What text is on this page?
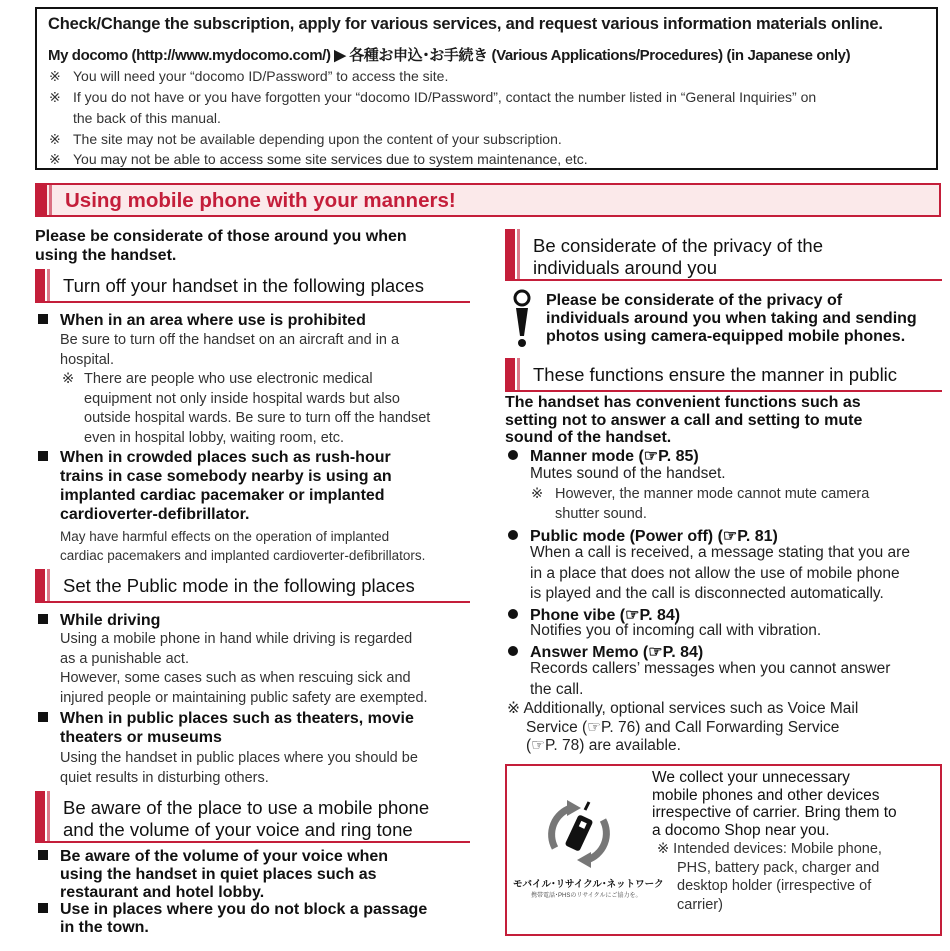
Check/Change the subscription, apply for various services, and request various information materials online.
My docomo (http://www.mydocomo.com/) ▶ 各種お申込･お手続き (Various Applications/Procedures) (in Japanese only)
※ You will need your “docomo ID/Password” to access the site.
※ If you do not have or you have forgotten your “docomo ID/Password”, contact the number listed in “General Inquiries” on
the back of this manual.
※ The site may not be available depending upon the content of your subscription.
※ You may not be able to access some site services due to system maintenance, etc.
Using mobile phone with your manners!
Please be considerate of those around you when
using the handset.
Turn off your handset in the following places
When in an area where use is prohibited
Be sure to turn off the handset on an aircraft and in a
hospital.
※ There are people who use electronic medical
equipment not only inside hospital wards but also
outside hospital wards. Be sure to turn off the handset
even in hospital lobby, waiting room, etc.
When in crowded places such as rush-hour
trains in case somebody nearby is using an
implanted cardiac pacemaker or implanted
cardioverter-defibrillator.
May have harmful effects on the operation of implanted
cardiac pacemakers and implanted cardioverter-defibrillators.
Set the Public mode in the following places
While driving
Using a mobile phone in hand while driving is regarded
as a punishable act.
However, some cases such as when rescuing sick and
injured people or maintaining public safety are exempted.
When in public places such as theaters, movie
theaters or museums
Using the handset in public places where you should be
quiet results in disturbing others.
Be aware of the place to use a mobile phone
and the volume of your voice and ring tone
Be aware of the volume of your voice when
using the handset in quiet places such as
restaurant and hotel lobby.
Use in places where you do not block a passage
in the town.
Be considerate of the privacy of the
individuals around you
Please be considerate of the privacy of
individuals around you when taking and sending
photos using camera-equipped mobile phones.
These functions ensure the manner in public
The handset has convenient functions such as
setting not to answer a call and setting to mute
sound of the handset.
Manner mode (☞P. 85)
Mutes sound of the handset.
※ However, the manner mode cannot mute camera
shutter sound.
Public mode (Power off) (☞P. 81)
When a call is received, a message stating that you are
in a place that does not allow the use of mobile phone
is played and the call is disconnected automatically.
Phone vibe (☞P. 84)
Notifies you of incoming call with vibration.
Answer Memo (☞P. 84)
Records callers’ messages when you cannot answer
the call.
※ Additionally, optional services such as Voice Mail
Service (☞P. 76) and Call Forwarding Service
(☞P. 78) are available.
モバイル･リサイクル･ネットワーク
携帯電話･PHSのリサイクルにご協力を。
We collect your unnecessary
mobile phones and other devices
irrespective of carrier. Bring them to
a docomo Shop near you.
※ Intended devices: Mobile phone,
PHS, battery pack, charger and
desktop holder (irrespective of
carrier)
